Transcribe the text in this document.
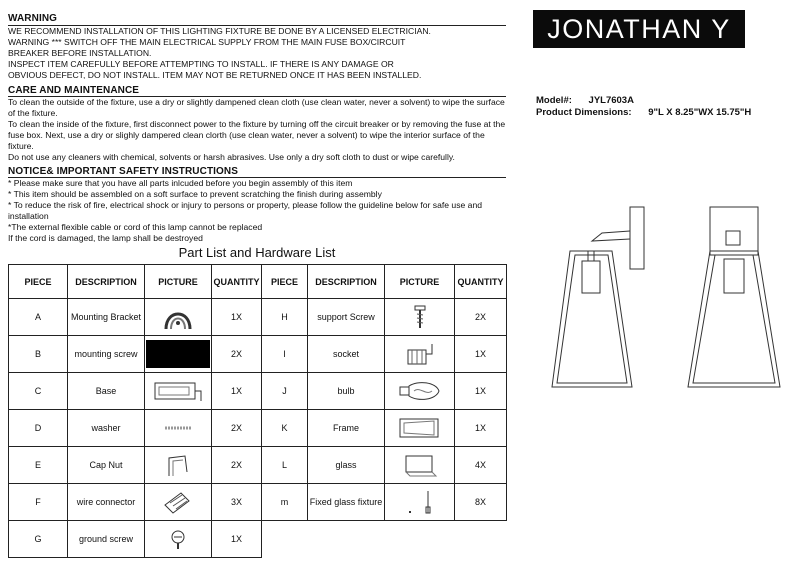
WARNING

WE RECOMMEND INSTALLATION OF THIS LIGHTING FIXTURE BE DONE BY A LICENSED ELECTRICIAN.

WARNING *** SWITCH OFF THE MAIN ELECTRICAL SUPPLY FROM THE MAIN FUSE BOX/CIRCUIT

BREAKER BEFORE INSTALLATION.

INSPECT ITEM CAREFULLY BEFORE ATTEMPTING TO INSTALL. IF THERE IS ANY DAMAGE OR

OBVIOUS DEFECT, DO NOT INSTALL. ITEM MAY NOT BE RETURNED ONCE IT HAS BEEN INSTALLED.

CARE AND MAINTENANCE

To clean the outside of the fixture, use a dry or slightly dampened clean cloth (use clean water, never a solvent) to wipe the surface of the fixture.

To clean the inside of the fixture, first disconnect power to the fixture by turning off the circuit breaker or by removing the fuse at the fuse box. Next, use a dry or slighly dampered clean clorth (use clean water, never a solvent) to wipe the interior surface of the fixture.

Do not use any cleaners with chemical, solvents or harsh abrasives. Use only a dry soft cloth to dust or wipe carefully.

NOTICE& IMPORTANT SAFETY INSTRUCTIONS

* Please make sure that you have all parts inlcuded before you begin assembly of this item

* This item should be assembled on a soft surface to prevent scratching the finish during assembly

* To reduce the risk of fire, electrical shock or injury to persons or property, please follow the guideline below for safe use and installation

*The external flexible cable or cord of this lamp cannot be replaced

If the cord is damaged, the lamp shall be destroyed

JONATHAN Y
Model#: JYL7603A
Product Dimensions: 9"L X 8.25"WX 15.75"H
Part List and Hardware List
PIECE	DESCRIPTION	PICTURE	QUANTITY	PIECE	DESCRIPTION	PICTURE	QUANTITY
A	Mounting Bracket		1X	H	support Screw		2X
B	mounting screw		2X	I	socket		1X
C	Base		1X	J	bulb		1X
D	washer		2X	K	Frame		1X
E	Cap Nut		2X	L	glass		4X
F	wire connector		3X	m	Fixed glass fixture		8X
G	ground screw		1X				
